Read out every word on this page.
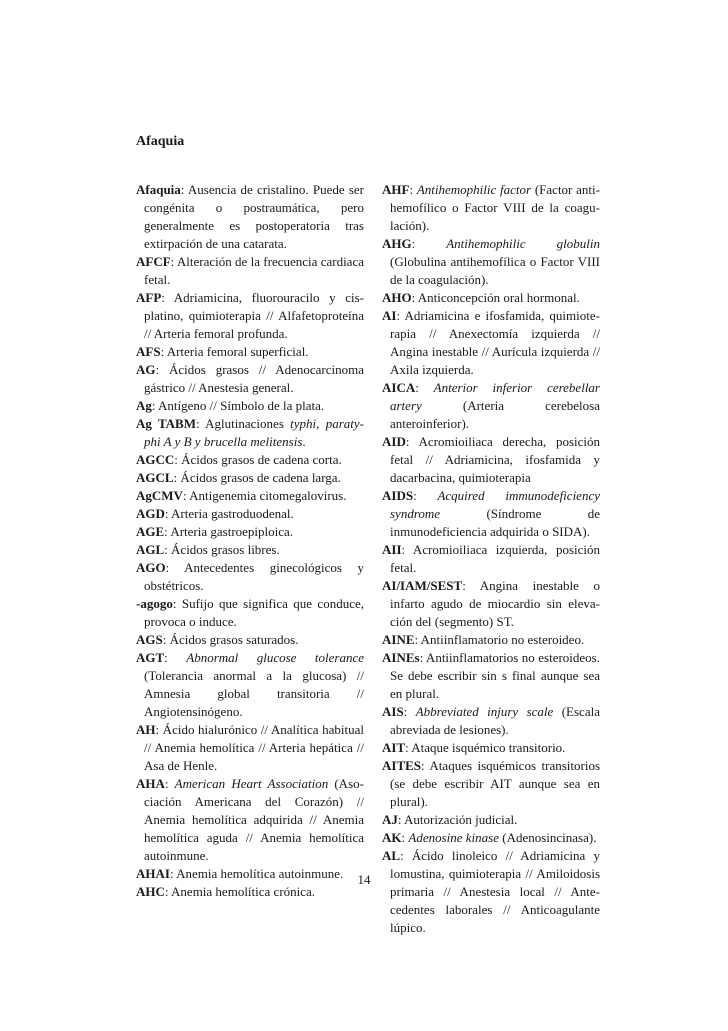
Afaquia
Afaquia: Ausencia de cristalino. Puede ser congénita o postraumática, pero generalmente es postoperatoria tras extirpación de una catarata.
AFCF: Alteración de la frecuencia cardiaca fetal.
AFP: Adriamicina, fluorouracilo y cisplatino, quimioterapia // Alfafetoproteína // Arteria femoral profunda.
AFS: Arteria femoral superficial.
AG: Ácidos grasos // Adenocarcinoma gástrico // Anestesia general.
Ag: Antígeno // Símbolo de la plata.
Ag TABM: Aglutinaciones typhi, paratyphi A y B y brucella melitensis.
AGCC: Ácidos grasos de cadena corta.
AGCL: Ácidos grasos de cadena larga.
AgCMV: Antigenemia citomegalovirus.
AGD: Arteria gastroduodenal.
AGE: Arteria gastroepiploica.
AGL: Ácidos grasos libres.
AGO: Antecedentes ginecológicos y obstétricos.
-agogo: Sufijo que significa que conduce, provoca o induce.
AGS: Ácidos grasos saturados.
AGT: Abnormal glucose tolerance (Tolerancia anormal a la glucosa) // Amnesia global transitoria // Angiotensinógeno.
AH: Ácido hialurónico // Analítica habitual // Anemia hemolítica // Arteria hepática // Asa de Henle.
AHA: American Heart Association (Asociación Americana del Corazón) // Anemia hemolítica adquirida // Anemia hemolítica aguda // Anemia hemolítica autoinmune.
AHAI: Anemia hemolítica autoinmune.
AHC: Anemia hemolítica crónica.
AHF: Antihemophilic factor (Factor antihemofílico o Factor VIII de la coagulación).
AHG: Antihemophilic globulin (Globulina antihemofílica o Factor VIII de la coagulación).
AHO: Anticoncepción oral hormonal.
AI: Adriamicina e ifosfamida, quimioterapia // Anexectomía izquierda // Angina inestable // Aurícula izquierda // Axila izquierda.
AICA: Anterior inferior cerebellar artery (Arteria cerebelosa anteroinferior).
AID: Acromioiliaca derecha, posición fetal // Adriamicina, ifosfamida y dacarbacina, quimioterapia
AIDS: Acquired immunodeficiency syndrome (Síndrome de inmunodeficiencia adquirida o SIDA).
AII: Acromioiliaca izquierda, posición fetal.
AI/IAM/SEST: Angina inestable o infarto agudo de miocardio sin elevación del (segmento) ST.
AINE: Antiinflamatorio no esteroideo.
AINEs: Antiinflamatorios no esteroideos. Se debe escribir sin s final aunque sea en plural.
AIS: Abbreviated injury scale (Escala abreviada de lesiones).
AIT: Ataque isquémico transitorio.
AITES: Ataques isquémicos transitorios (se debe escribir AIT aunque sea en plural).
AJ: Autorización judicial.
AK: Adenosine kinase (Adenosincinasa).
AL: Ácido linoleico // Adriamicina y lomustina, quimioterapia // Amiloidosis primaria // Anestesia local // Antecedentes laborales // Anticoagulante lúpico.
14
